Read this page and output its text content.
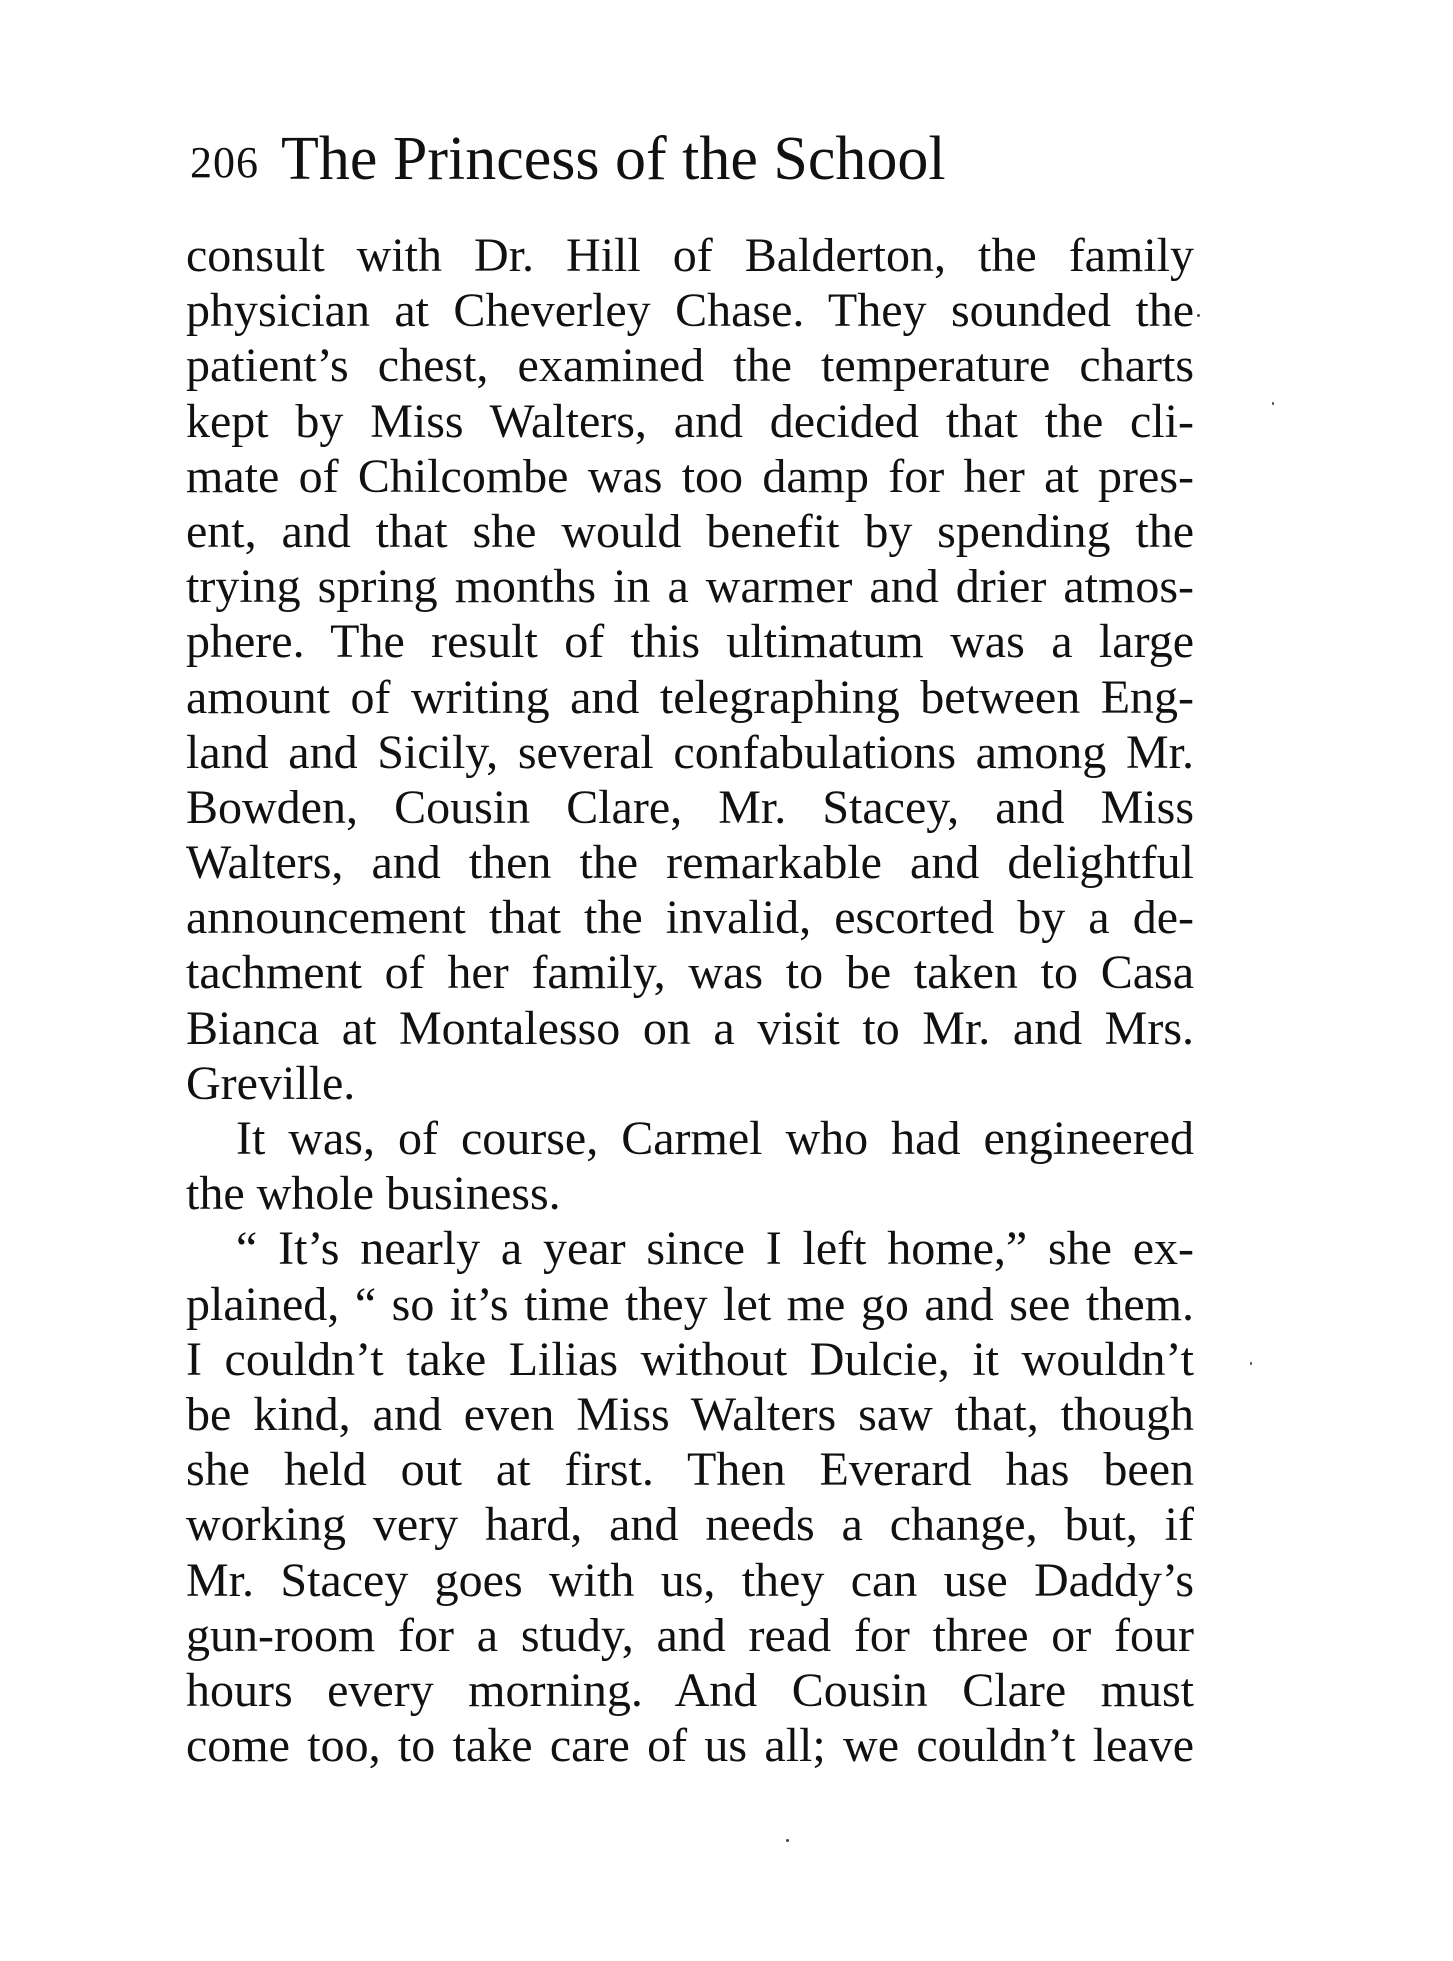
206 The Princess of the School
consult with Dr. Hill of Balderton, the family
physician at Cheverley Chase. They sounded the
patient’s chest, examined the temperature charts
kept by Miss Walters, and decided that the cli-
mate of Chilcombe was too damp for her at pres-
ent, and that she would benefit by spending the
trying spring months in a warmer and drier atmos-
phere. The result of this ultimatum was a large
amount of writing and telegraphing between Eng-
land and Sicily, several confabulations among Mr.
Bowden, Cousin Clare, Mr. Stacey, and Miss
Walters, and then the remarkable and delightful
announcement that the invalid, escorted by a de-
tachment of her family, was to be taken to Casa
Bianca at Montalesso on a visit to Mr. and Mrs.
Greville.
It was, of course, Carmel who had engineered
the whole business.
“ It’s nearly a year since I left home,” she ex-
plained, “ so it’s time they let me go and see them.
I couldn’t take Lilias without Dulcie, it wouldn’t
be kind, and even Miss Walters saw that, though
she held out at first. Then Everard has been
working very hard, and needs a change, but, if
Mr. Stacey goes with us, they can use Daddy’s
gun-room for a study, and read for three or four
hours every morning. And Cousin Clare must
come too, to take care of us all; we couldn’t leave
